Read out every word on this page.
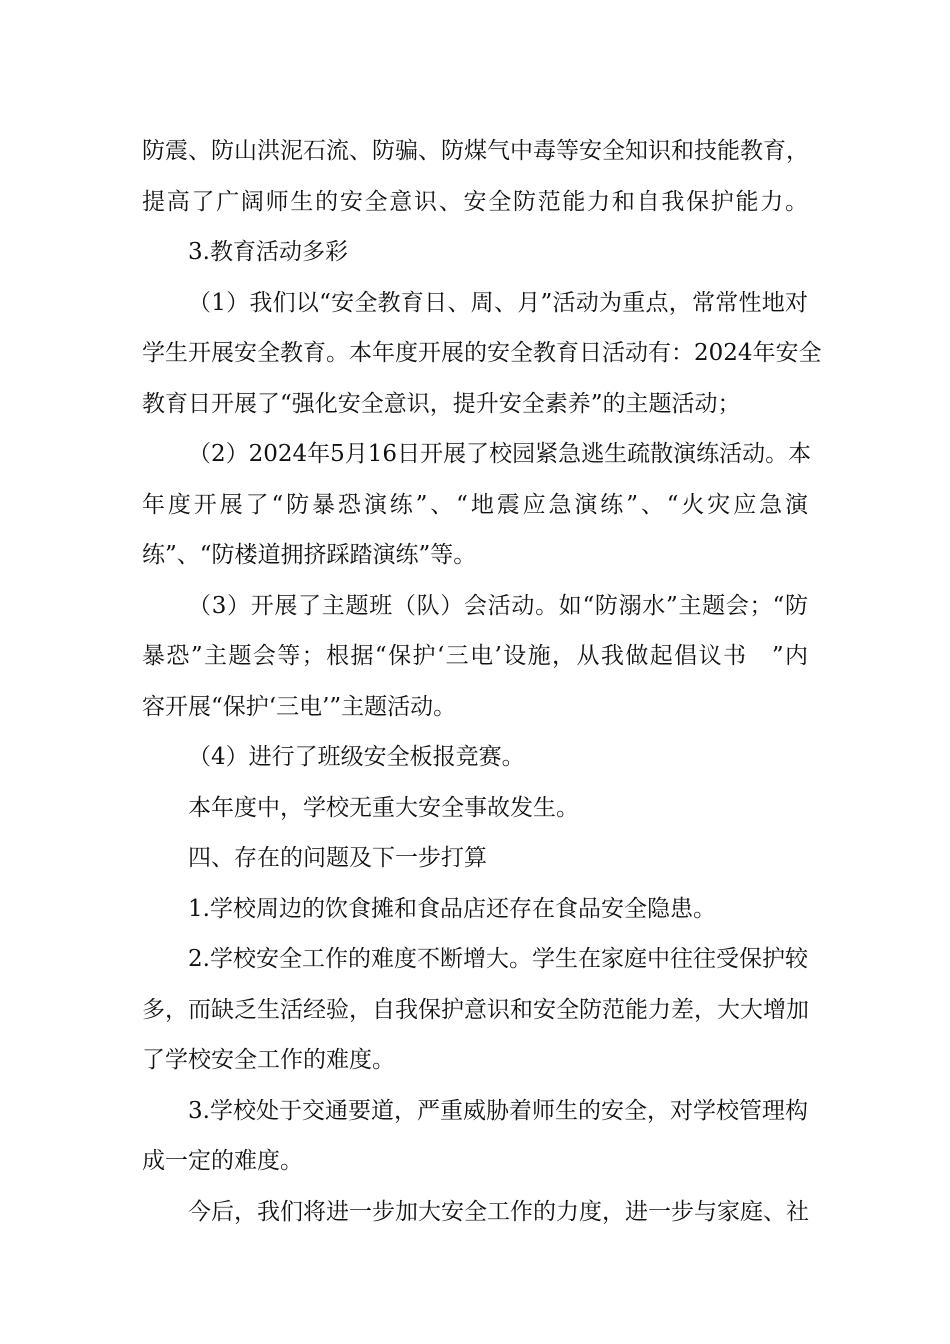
防震、防山洪泥石流、防骗、防煤气中毒等安全知识和技能教育，
提高了广阔师生的安全意识、安全防范能力和自我保护能力。
3.教育活动多彩
（1）我们以“安全教育日、周、月”活动为重点，常常性地对
学生开展安全教育。本年度开展的安全教育日活动有：2024年安全
教育日开展了“强化安全意识，提升安全素养”的主题活动；
（2）2024年5月16日开展了校园紧急逃生疏散演练活动。本
年度开展了“防暴恐演练”、“地震应急演练”、“火灾应急演
练”、“防楼道拥挤踩踏演练”等。
（3）开展了主题班（队）会活动。如“防溺水”主题会；“防
暴恐”主题会等；根据“保护‘三电’设施，从我做起倡议书　”内
容开展“保护‘三电’”主题活动。
（4）进行了班级安全板报竞赛。
本年度中，学校无重大安全事故发生。
四、存在的问题及下一步打算
1.学校周边的饮食摊和食品店还存在食品安全隐患。
2.学校安全工作的难度不断增大。学生在家庭中往往受保护较
多，而缺乏生活经验，自我保护意识和安全防范能力差，大大增加
了学校安全工作的难度。
3.学校处于交通要道，严重威胁着师生的安全，对学校管理构
成一定的难度。
今后，我们将进一步加大安全工作的力度，进一步与家庭、社
